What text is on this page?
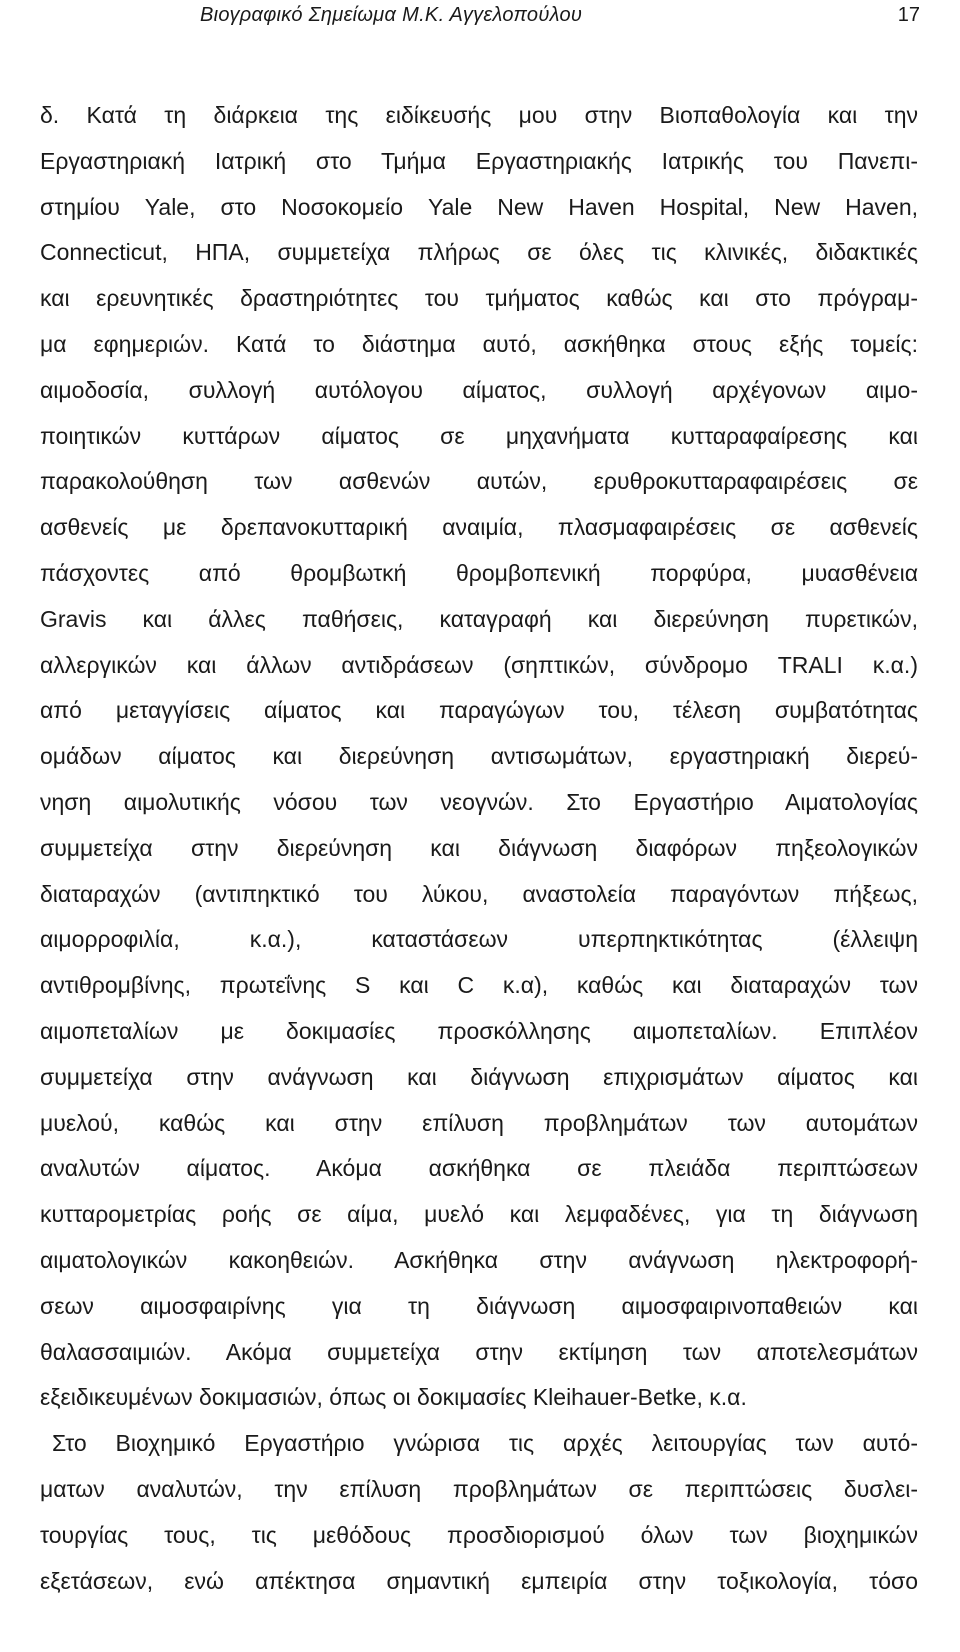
Βιογραφικό Σημείωμα Μ.Κ. Αγγελοπούλου	17
δ. Κατά τη διάρκεια της ειδίκευσής μου στην Βιοπαθολογία και την
Εργαστηριακή Ιατρική στο Τμήμα Εργαστηριακής Ιατρικής του Πανεπι-
στημίου Yale, στο Νοσοκομείο Yale New Haven Hospital, New Haven,
Connecticut, ΗΠΑ, συμμετείχα πλήρως σε όλες τις κλινικές, διδακτικές
και ερευνητικές δραστηριότητες του τμήματος καθώς και στο πρόγραμ-
μα εφημεριών. Κατά το διάστημα αυτό, ασκήθηκα στους εξής τομείς:
αιμοδοσία, συλλογή αυτόλογου αίματος, συλλογή αρχέγονων αιμο-
ποιητικών κυττάρων αίματος σε μηχανήματα κυτταραφαίρεσης και
παρακολούθηση των ασθενών αυτών, ερυθροκυτταραφαιρέσεις σε
ασθενείς με δρεπανοκυτταρική αναιμία, πλασμαφαιρέσεις σε ασθενείς
πάσχοντες από θρομβωτκή θρομβοπενική πορφύρα, μυασθένεια
Gravis και άλλες παθήσεις, καταγραφή και διερεύνηση πυρετικών,
αλλεργικών και άλλων αντιδράσεων (σηπτικών, σύνδρομο TRALI κ.α.)
από μεταγγίσεις αίματος και παραγώγων του, τέλεση συμβατότητας
ομάδων αίματος και διερεύνηση αντισωμάτων, εργαστηριακή διερεύ-
νηση αιμολυτικής νόσου των νεογνών. Στο Εργαστήριο Αιματολογίας
συμμετείχα στην διερεύνηση και διάγνωση διαφόρων πηξεολογικών
διαταραχών (αντιπηκτικό του λύκου, αναστολεία παραγόντων πήξεως,
αιμορροφιλία, κ.α.), καταστάσεων υπερπηκτικότητας (έλλειψη
αντιθρομβίνης, πρωτεΐνης S και C κ.α), καθώς και διαταραχών των
αιμοπεταλίων με δοκιμασίες προσκόλλησης αιμοπεταλίων. Επιπλέον
συμμετείχα στην ανάγνωση και διάγνωση επιχρισμάτων αίματος και
μυελού, καθώς και στην επίλυση προβλημάτων των αυτομάτων
αναλυτών αίματος. Ακόμα ασκήθηκα σε πλειάδα περιπτώσεων
κυτταρομετρίας ροής σε αίμα, μυελό και λεμφαδένες, για τη διάγνωση
αιματολογικών κακοηθειών. Ασκήθηκα στην ανάγνωση ηλεκτροφορή-
σεων αιμοσφαιρίνης για τη διάγνωση αιμοσφαιρινοπαθειών και
θαλασσαιμιών. Ακόμα συμμετείχα στην εκτίμηση των αποτελεσμάτων
εξειδικευμένων δοκιμασιών, όπως οι δοκιμασίες Kleihauer-Betke, κ.α.
Στο Βιοχημικό Εργαστήριο γνώρισα τις αρχές λειτουργίας των αυτό-
ματων αναλυτών, την επίλυση προβλημάτων σε περιπτώσεις δυσλει-
τουργίας τους, τις μεθόδους προσδιορισμού όλων των βιοχημικών
εξετάσεων, ενώ απέκτησα σημαντική εμπειρία στην τοξικολογία, τόσο
